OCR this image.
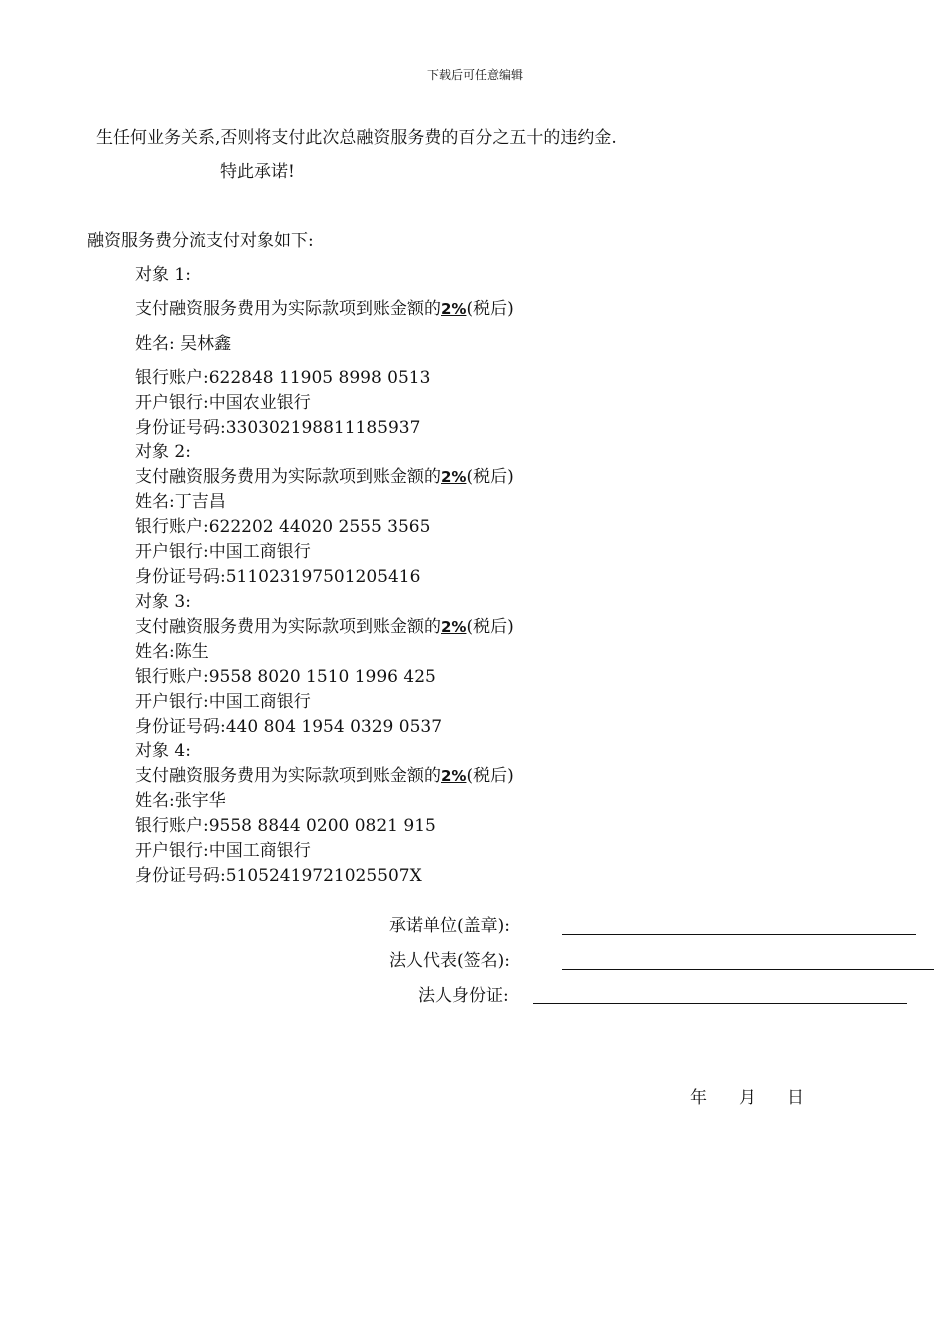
下载后可任意编辑
生任何业务关系,否则将支付此次总融资服务费的百分之五十的违约金.
特此承诺!
融资服务费分流支付对象如下:
对象 1:
支付融资服务费用为实际款项到账金额的2%(税后)
姓名: 吴林鑫
银行账户:622848 11905 8998 0513
开户银行:中国农业银行
身份证号码:330302198811185937
对象 2:
支付融资服务费用为实际款项到账金额的2%(税后)
姓名:丁吉昌
银行账户:622202 44020 2555 3565
开户银行:中国工商银行
身份证号码:511023197501205416
对象 3:
支付融资服务费用为实际款项到账金额的2%(税后)
姓名:陈生
银行账户:9558 8020 1510 1996 425
开户银行:中国工商银行
身份证号码:440 804 1954 0329 0537
对象 4:
支付融资服务费用为实际款项到账金额的2%(税后)
姓名:张宇华
银行账户:9558 8844 0200 0821 915
开户银行:中国工商银行
身份证号码:51052419721025507X
承诺单位(盖章):
法人代表(签名):
法人身份证:
年 月 日
